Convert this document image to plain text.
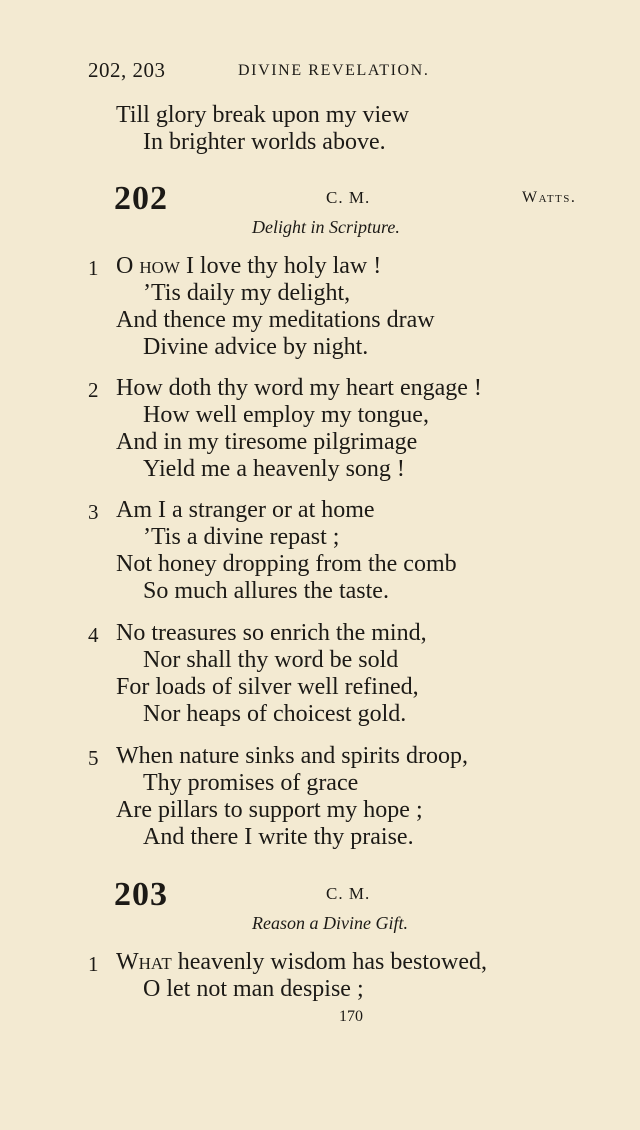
202, 203	DIVINE REVELATION.
Till glory break upon my view
In brighter worlds above.
202	C. M.	Watts.
Delight in Scripture.
1 O how I love thy holy law !
’Tis daily my delight,
And thence my meditations draw
Divine advice by night.
2 How doth thy word my heart engage !
How well employ my tongue,
And in my tiresome pilgrimage
Yield me a heavenly song !
3 Am I a stranger or at home
’Tis a divine repast ;
Not honey dropping from the comb
So much allures the taste.
4 No treasures so enrich the mind,
Nor shall thy word be sold
For loads of silver well refined,
Nor heaps of choicest gold.
5 When nature sinks and spirits droop,
Thy promises of grace
Are pillars to support my hope ;
And there I write thy praise.
203	C. M.
Reason a Divine Gift.
1 What heavenly wisdom has bestowed,
O let not man despise ;
170
